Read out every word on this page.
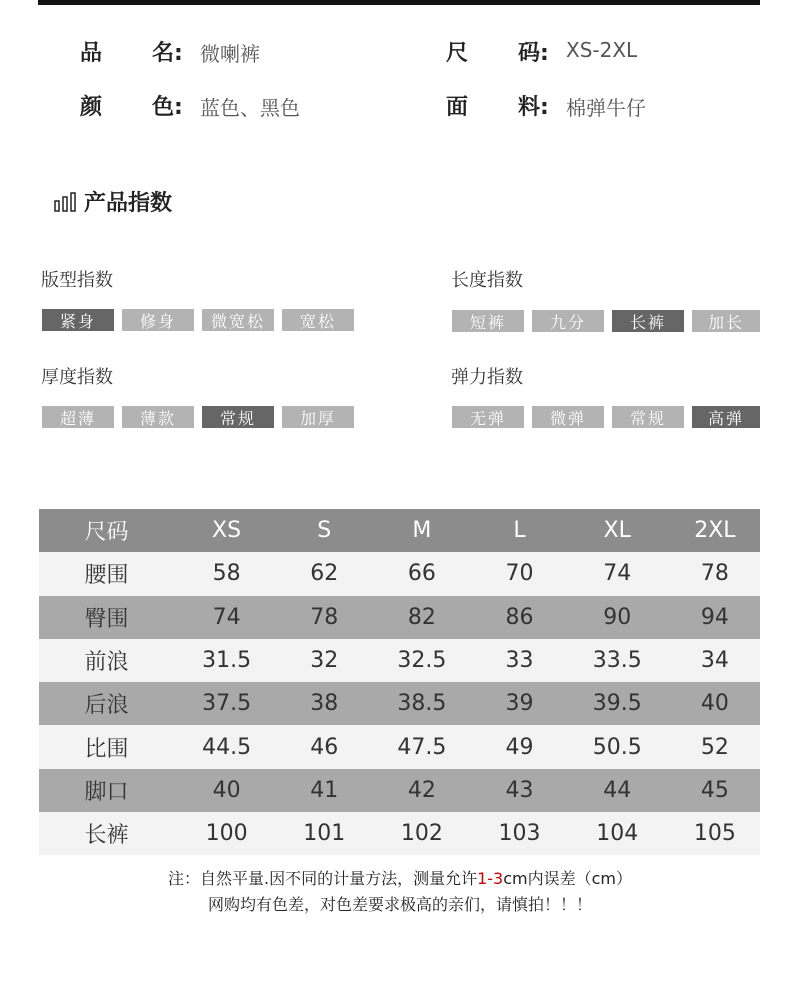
品 名: 微喇裤	尺 码: XS-2XL
颜 色: 蓝色、黑色	面 料: 棉弹牛仔
产品指数
版型指数
紧身	修身	微宽松	宽松
长度指数
短裤	九分	长裤	加长
厚度指数
超薄	薄款	常规	加厚
弹力指数
无弹	微弹	常规	高弹
尺码	XS	S	M	L	XL	2XL
腰围	58	62	66	70	74	78
臀围	74	78	82	86	90	94
前浪	31.5	32	32.5	33	33.5	34
后浪	37.5	38	38.5	39	39.5	40
比围	44.5	46	47.5	49	50.5	52
脚口	40	41	42	43	44	45
长裤	100	101	102	103	104	105
注：自然平量.因不同的计量方法，测量允许1-3cm内误差（cm）
网购均有色差，对色差要求极高的亲们，请慎拍！！！
